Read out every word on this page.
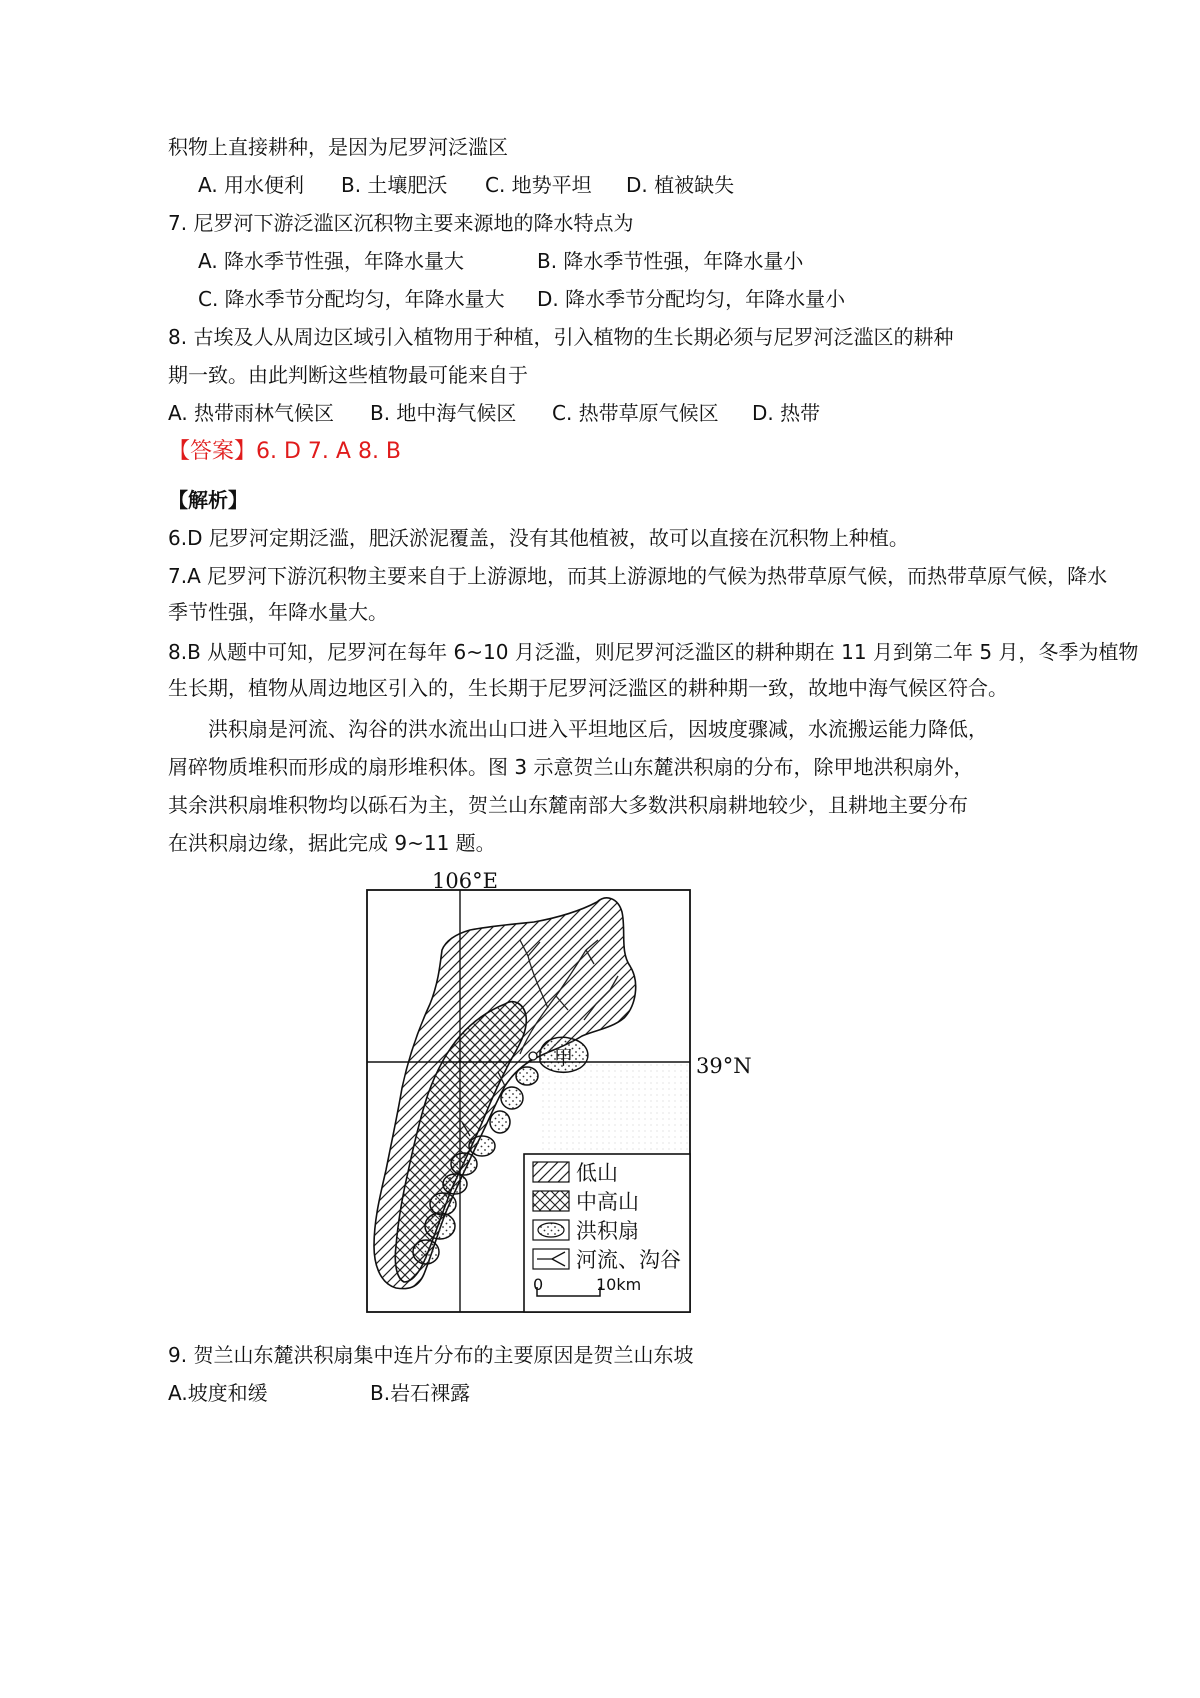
积物上直接耕种，是因为尼罗河泛滥区
A. 用水便利 B. 土壤肥沃 C. 地势平坦 D. 植被缺失
7. 尼罗河下游泛滥区沉积物主要来源地的降水特点为
A. 降水季节性强，年降水量大	B. 降水季节性强，年降水量小
C. 降水季节分配均匀，年降水量大 D. 降水季节分配均匀，年降水量小
8. 古埃及人从周边区域引入植物用于种植，引入植物的生长期必须与尼罗河泛滥区的耕种
期一致。由此判断这些植物最可能来自于
A. 热带雨林气候区 B. 地中海气候区 C. 热带草原气候区 D. 热带
【答案】6. D 7. A 8. B
【解析】
6.D 尼罗河定期泛滥，肥沃淤泥覆盖，没有其他植被，故可以直接在沉积物上种植。
7.A 尼罗河下游沉积物主要来自于上游源地，而其上游源地的气候为热带草原气候，而热带草原气候，降水
季节性强，年降水量大。
8.B 从题中可知，尼罗河在每年 6~10 月泛滥，则尼罗河泛滥区的耕种期在 11 月到第二年 5 月，冬季为植物
生长期，植物从周边地区引入的，生长期于尼罗河泛滥区的耕种期一致，故地中海气候区符合。
洪积扇是河流、沟谷的洪水流出山口进入平坦地区后，因坡度骤减，水流搬运能力降低，
屑碎物质堆积而形成的扇形堆积体。图 3 示意贺兰山东麓洪积扇的分布，除甲地洪积扇外，
其余洪积扇堆积物均以砾石为主，贺兰山东麓南部大多数洪积扇耕地较少，且耕地主要分布
在洪积扇边缘，据此完成 9~11 题。
106°E
39°N
甲
低山
中高山
洪积扇
河流、沟谷
0	10km
9. 贺兰山东麓洪积扇集中连片分布的主要原因是贺兰山东坡
A.坡度和缓	B.岩石裸露
